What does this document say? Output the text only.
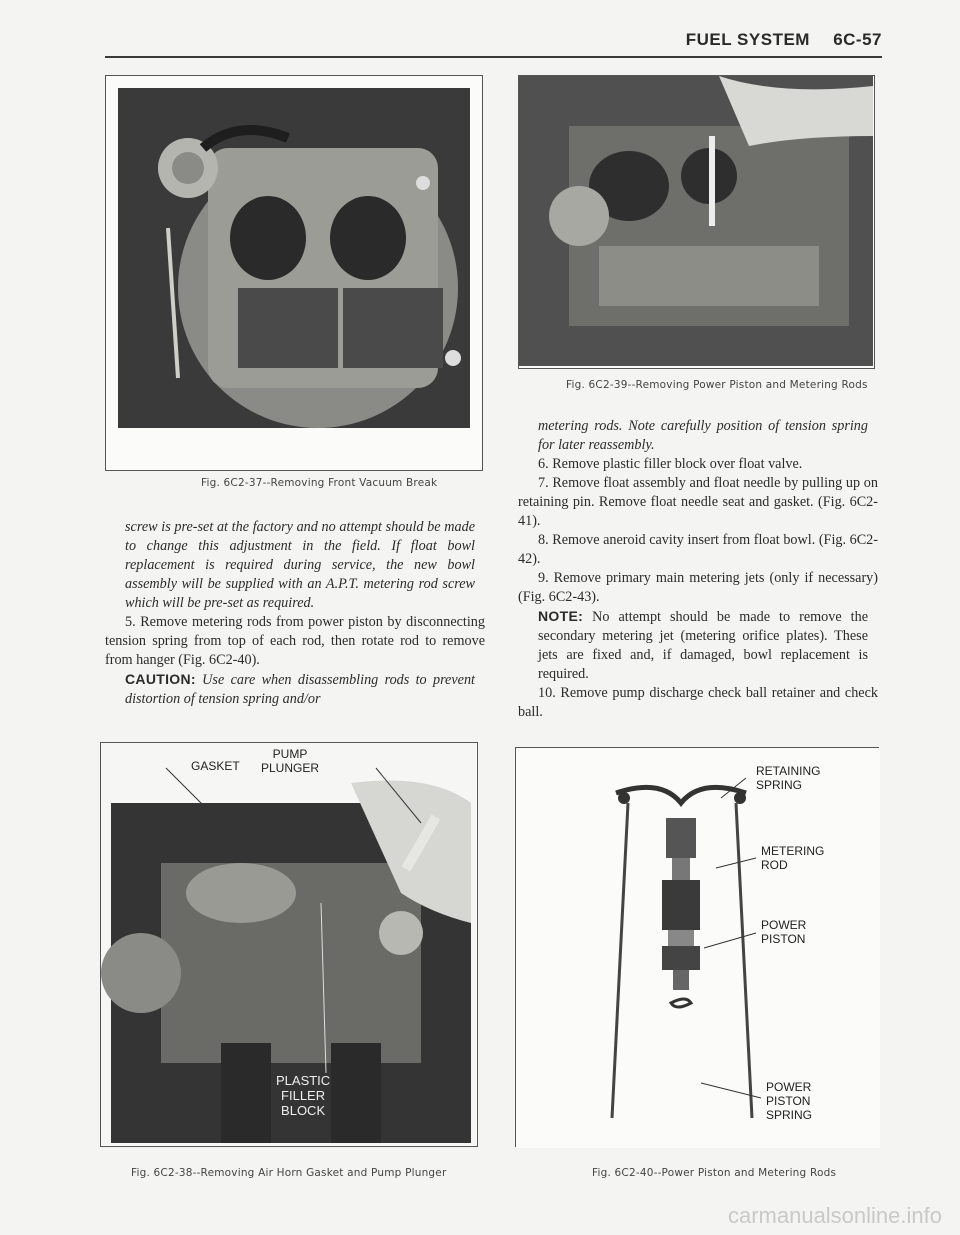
FUEL SYSTEM 6C-57
Fig. 6C2-37--Removing Front Vacuum Break
Fig. 6C2-39--Removing Power Piston and Metering Rods

screw is pre-set at the factory and no attempt should be made to change this adjustment in the field. If float bowl replacement is required during service, the new bowl assembly will be supplied with an A.P.T. metering rod screw which will be pre-set as required.

5. Remove metering rods from power piston by disconnecting tension spring from top of each rod, then rotate rod to remove from hanger (Fig. 6C2-40).

CAUTION: Use care when disassembling rods to prevent distortion of tension spring and/or

metering rods. Note carefully position of tension spring for later reassembly.

6. Remove plastic filler block over float valve.

7. Remove float assembly and float needle by pulling up on retaining pin. Remove float needle seat and gasket. (Fig. 6C2-41).

8. Remove aneroid cavity insert from float bowl. (Fig. 6C2-42).

9. Remove primary main metering jets (only if necessary) (Fig. 6C2-43).

NOTE: No attempt should be made to remove the secondary metering jet (metering orifice plates). These jets are fixed and, if damaged, bowl replacement is required.

10. Remove pump discharge check ball retainer and check ball.

GASKET
PUMP
PLUNGER
PLASTIC
FILLER
BLOCK
Fig. 6C2-38--Removing Air Horn Gasket and Pump Plunger
RETAINING
SPRING
METERING
ROD
POWER
PISTON
POWER
PISTON
SPRING
Fig. 6C2-40--Power Piston and Metering Rods
carmanualsonline.info
